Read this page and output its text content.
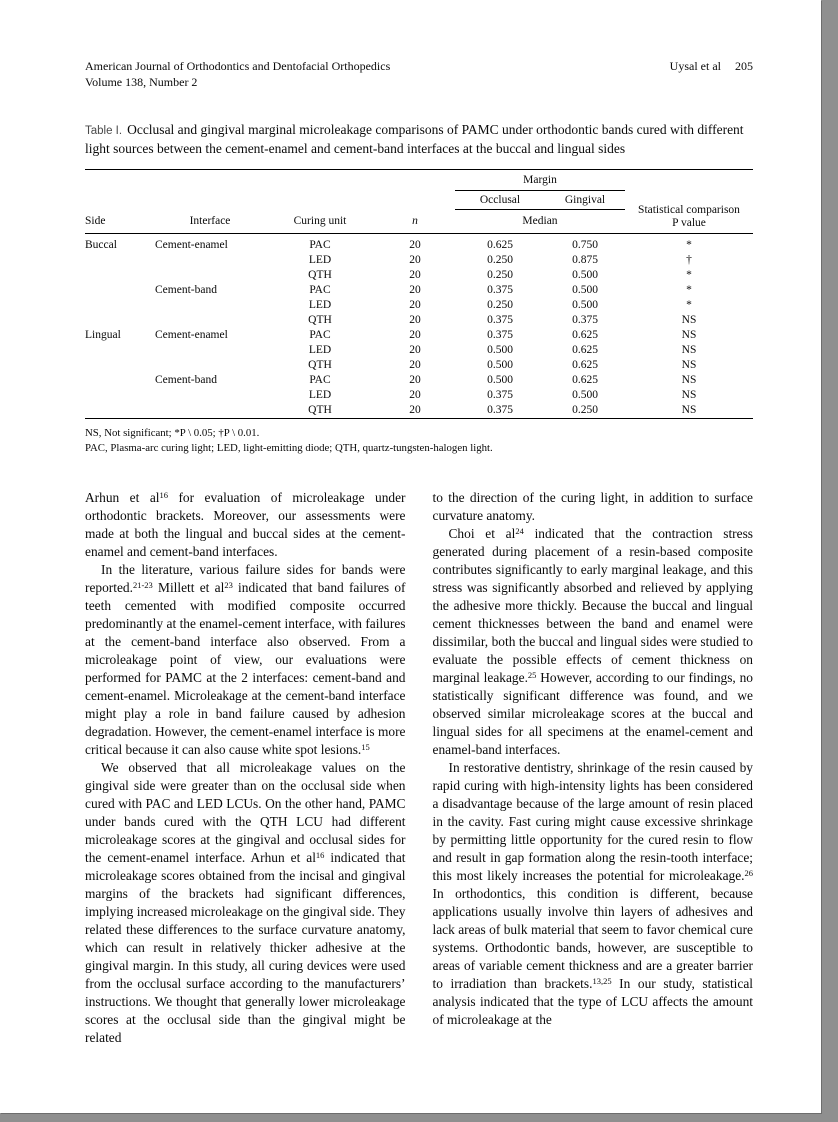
American Journal of Orthodontics and Dentofacial Orthopedics
Volume 138, Number 2
Uysal et al 205
Table I. Occlusal and gingival marginal microleakage comparisons of PAMC under orthodontic bands cured with different light sources between the cement-enamel and cement-band interfaces at the buccal and lingual sides
				Margin		
				Occlusal	Gingival	Statistical comparison
P value

Side	Interface	Curing unit	n	Median		
Buccal	Cement-enamel	PAC	20	0.625	0.750	*
		LED	20	0.250	0.875	†
		QTH	20	0.250	0.500	*
	Cement-band	PAC	20	0.375	0.500	*
		LED	20	0.250	0.500	*
		QTH	20	0.375	0.375	NS
Lingual	Cement-enamel	PAC	20	0.375	0.625	NS
		LED	20	0.500	0.625	NS
		QTH	20	0.500	0.625	NS
	Cement-band	PAC	20	0.500	0.625	NS
		LED	20	0.375	0.500	NS
		QTH	20	0.375	0.250	NS
NS, Not significant; *P \ 0.05; †P \ 0.01.
PAC, Plasma-arc curing light; LED, light-emitting diode; QTH, quartz-tungsten-halogen light.

Arhun et $al^{16}$ for evaluation of microleakage under orthodontic brackets. Moreover, our assessments were made at both the lingual and buccal sides at the cement-enamel and cement-band interfaces.

In the literature, various failure sides for bands were reported.$^{21-23}$ Millett et $al^{23}$ indicated that band failures of teeth cemented with modified composite occurred predominantly at the enamel-cement interface, with failures at the cement-band interface also observed. From a microleakage point of view, our evaluations were performed for PAMC at the 2 interfaces: cement-band and cement-enamel. Microleakage at the cement-band interface might play a role in band failure caused by adhesion degradation. However, the cement-enamel interface is more critical because it can also cause white spot lesions.$^{15}$

We observed that all microleakage values on the gingival side were greater than on the occlusal side when cured with PAC and LED LCUs. On the other hand, PAMC under bands cured with the QTH LCU had different microleakage scores at the gingival and occlusal sides for the cement-enamel interface. Arhun et $al^{16}$ indicated that microleakage scores obtained from the incisal and gingival margins of the brackets had significant differences, implying increased microleakage on the gingival side. They related these differences to the surface curvature anatomy, which can result in relatively thicker adhesive at the gingival margin. In this study, all curing devices were used from the occlusal surface according to the manufacturers’ instructions. We thought that generally lower microleakage scores at the occlusal side than the gingival might be related

to the direction of the curing light, in addition to surface curvature anatomy.

Choi et $al^{24}$ indicated that the contraction stress generated during placement of a resin-based composite contributes significantly to early marginal leakage, and this stress was significantly absorbed and relieved by applying the adhesive more thickly. Because the buccal and lingual cement thicknesses between the band and enamel were dissimilar, both the buccal and lingual sides were studied to evaluate the possible effects of cement thickness on marginal leakage.$^{25}$ However, according to our findings, no statistically significant difference was found, and we observed similar microleakage scores at the buccal and lingual sides for all specimens at the enamel-cement and enamel-band interfaces.

In restorative dentistry, shrinkage of the resin caused by rapid curing with high-intensity lights has been considered a disadvantage because of the large amount of resin placed in the cavity. Fast curing might cause excessive shrinkage by permitting little opportunity for the cured resin to flow and result in gap formation along the resin-tooth interface; this most likely increases the potential for microleakage.$^{26}$ In orthodontics, this condition is different, because applications usually involve thin layers of adhesives and lack areas of bulk material that seem to favor chemical cure systems. Orthodontic bands, however, are susceptible to areas of variable cement thickness and are a greater barrier to irradiation than brackets.$^{13,25}$ In our study, statistical analysis indicated that the type of LCU affects the amount of microleakage at the
